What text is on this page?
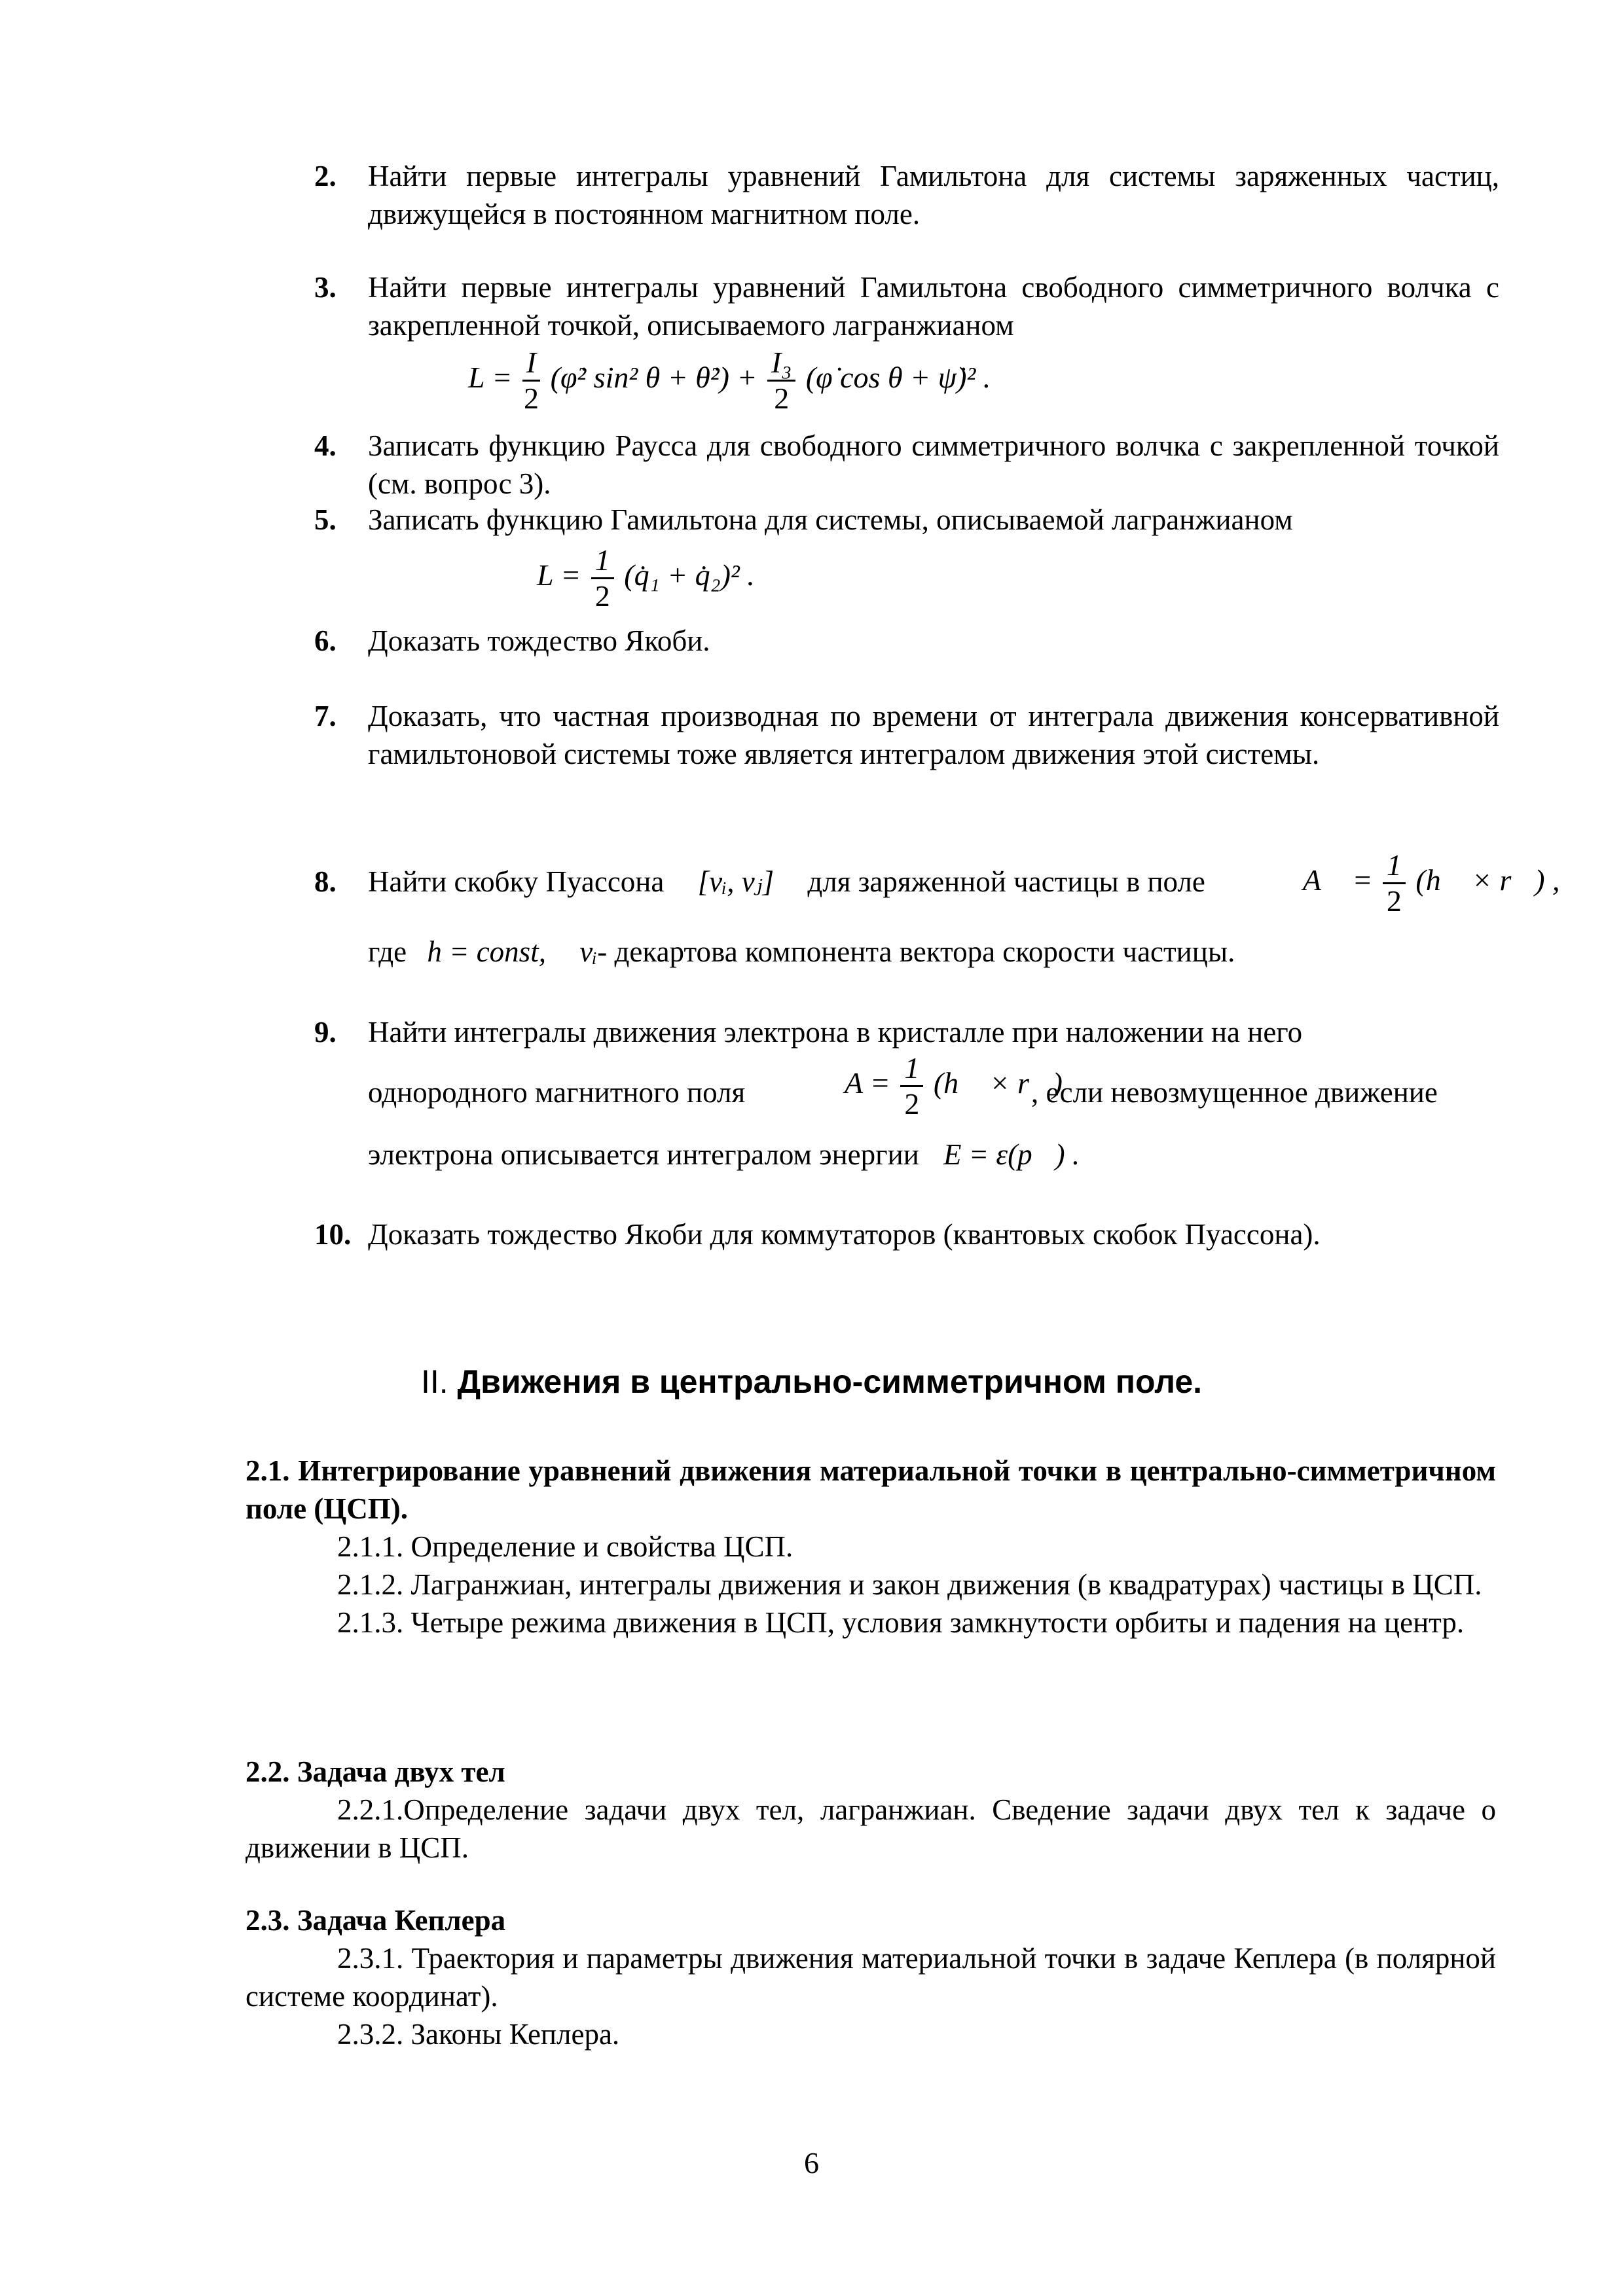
2. Найти первые интегралы уравнений Гамильтона для системы заряженных частиц, движущейся в постоянном магнитном поле.
3. Найти первые интегралы уравнений Гамильтона свободного симметричного волчка с закрепленной точкой, описываемого лагранжианом
$L = \frac{I}{2}$ (φ̇² sin² θ + θ̇²) + $\frac{\text{I₃}}{2}$ (φ̇ cos θ + ψ̇)² .
4. Записать функцию Раусса для свободного симметричного волчка с закрепленной точкой (см. вопрос 3).
5. Записать функцию Гамильтона для системы, описываемой лагранжианом
$L = \frac{1}{2}$ (q̇₁ + q̇₂)² .
6. Доказать тождество Якоби.
7. Доказать, что частная производная по времени от интеграла движения консервативной гамильтоновой системы тоже является интегралом движения этой системы.
8. Найти скобку Пуассона [vᵢ, vⱼ] для заряженной частицы в поле	A⃗ = $\frac{1}{2}$ (h⃗ × r⃗) ,
где h = const, vᵢ- декартова компонента вектора скорости частицы.
9. Найти интегралы движения электрона в кристалле при наложении на него
однородного магнитного поля	$A = \frac{1}{2}$ (h⃗ × r⃗)
, если невозмущенное движение
электрона описывается интегралом энергии E = ε(p⃗) .
10. Доказать тождество Якоби для коммутаторов (квантовых скобок Пуассона).
II. Движения в центрально-симметричном поле.
2.1. Интегрирование уравнений движения материальной точки в центрально-симметричном поле (ЦСП).
2.1.1. Определение и свойства ЦСП.
2.1.2. Лагранжиан, интегралы движения и закон движения (в квадратурах) частицы в ЦСП.
2.1.3. Четыре режима движения в ЦСП, условия замкнутости орбиты и падения на центр.
2.2. Задача двух тел
2.2.1.Определение задачи двух тел, лагранжиан. Сведение задачи двух тел к задаче о движении в ЦСП.
2.3. Задача Кеплера
2.3.1. Траектория и параметры движения материальной точки в задаче Кеплера (в полярной системе координат).
2.3.2. Законы Кеплера.
6
